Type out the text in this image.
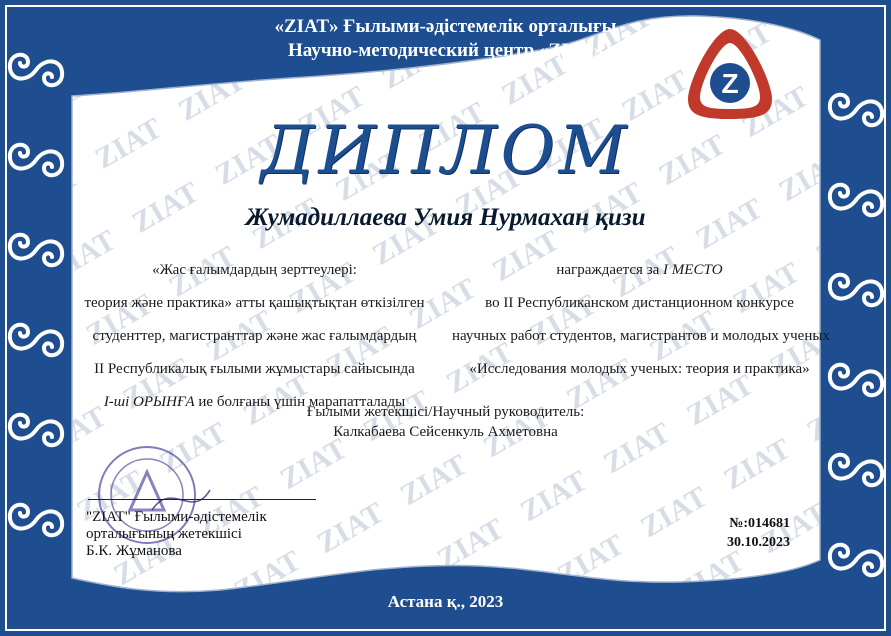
«ZIAT» Ғылыми-әдістемелік орталығы
Научно-методический центр «ZIAT»
Z
ZIAT
ДИПЛОМ
Жумадиллаева Умия Нурмахан қизи
«Жас ғалымдардың зерттеулері:
теория және практика» атты қашықтықтан өткізілген
студенттер, магистранттар және жас ғалымдардың
II Республикалық ғылыми жұмыстары сайысында
I-ші ОРЫНҒА ие болғаны үшін марапатталады
награждается за I МЕСТО
во II Республиканском дистанционном конкурсе
научных работ студентов, магистрантов и молодых ученых
«Исследования молодых ученых: теория и практика»
Ғылыми жетекшісі/Научный руководитель:
Калкабаева Сейсенкуль Ахметовна
"ZIAT" Ғылыми-әдістемелік
орталығының жетекшісі
Б.К. Жұманова
№:014681
30.10.2023
Астана қ., 2023
